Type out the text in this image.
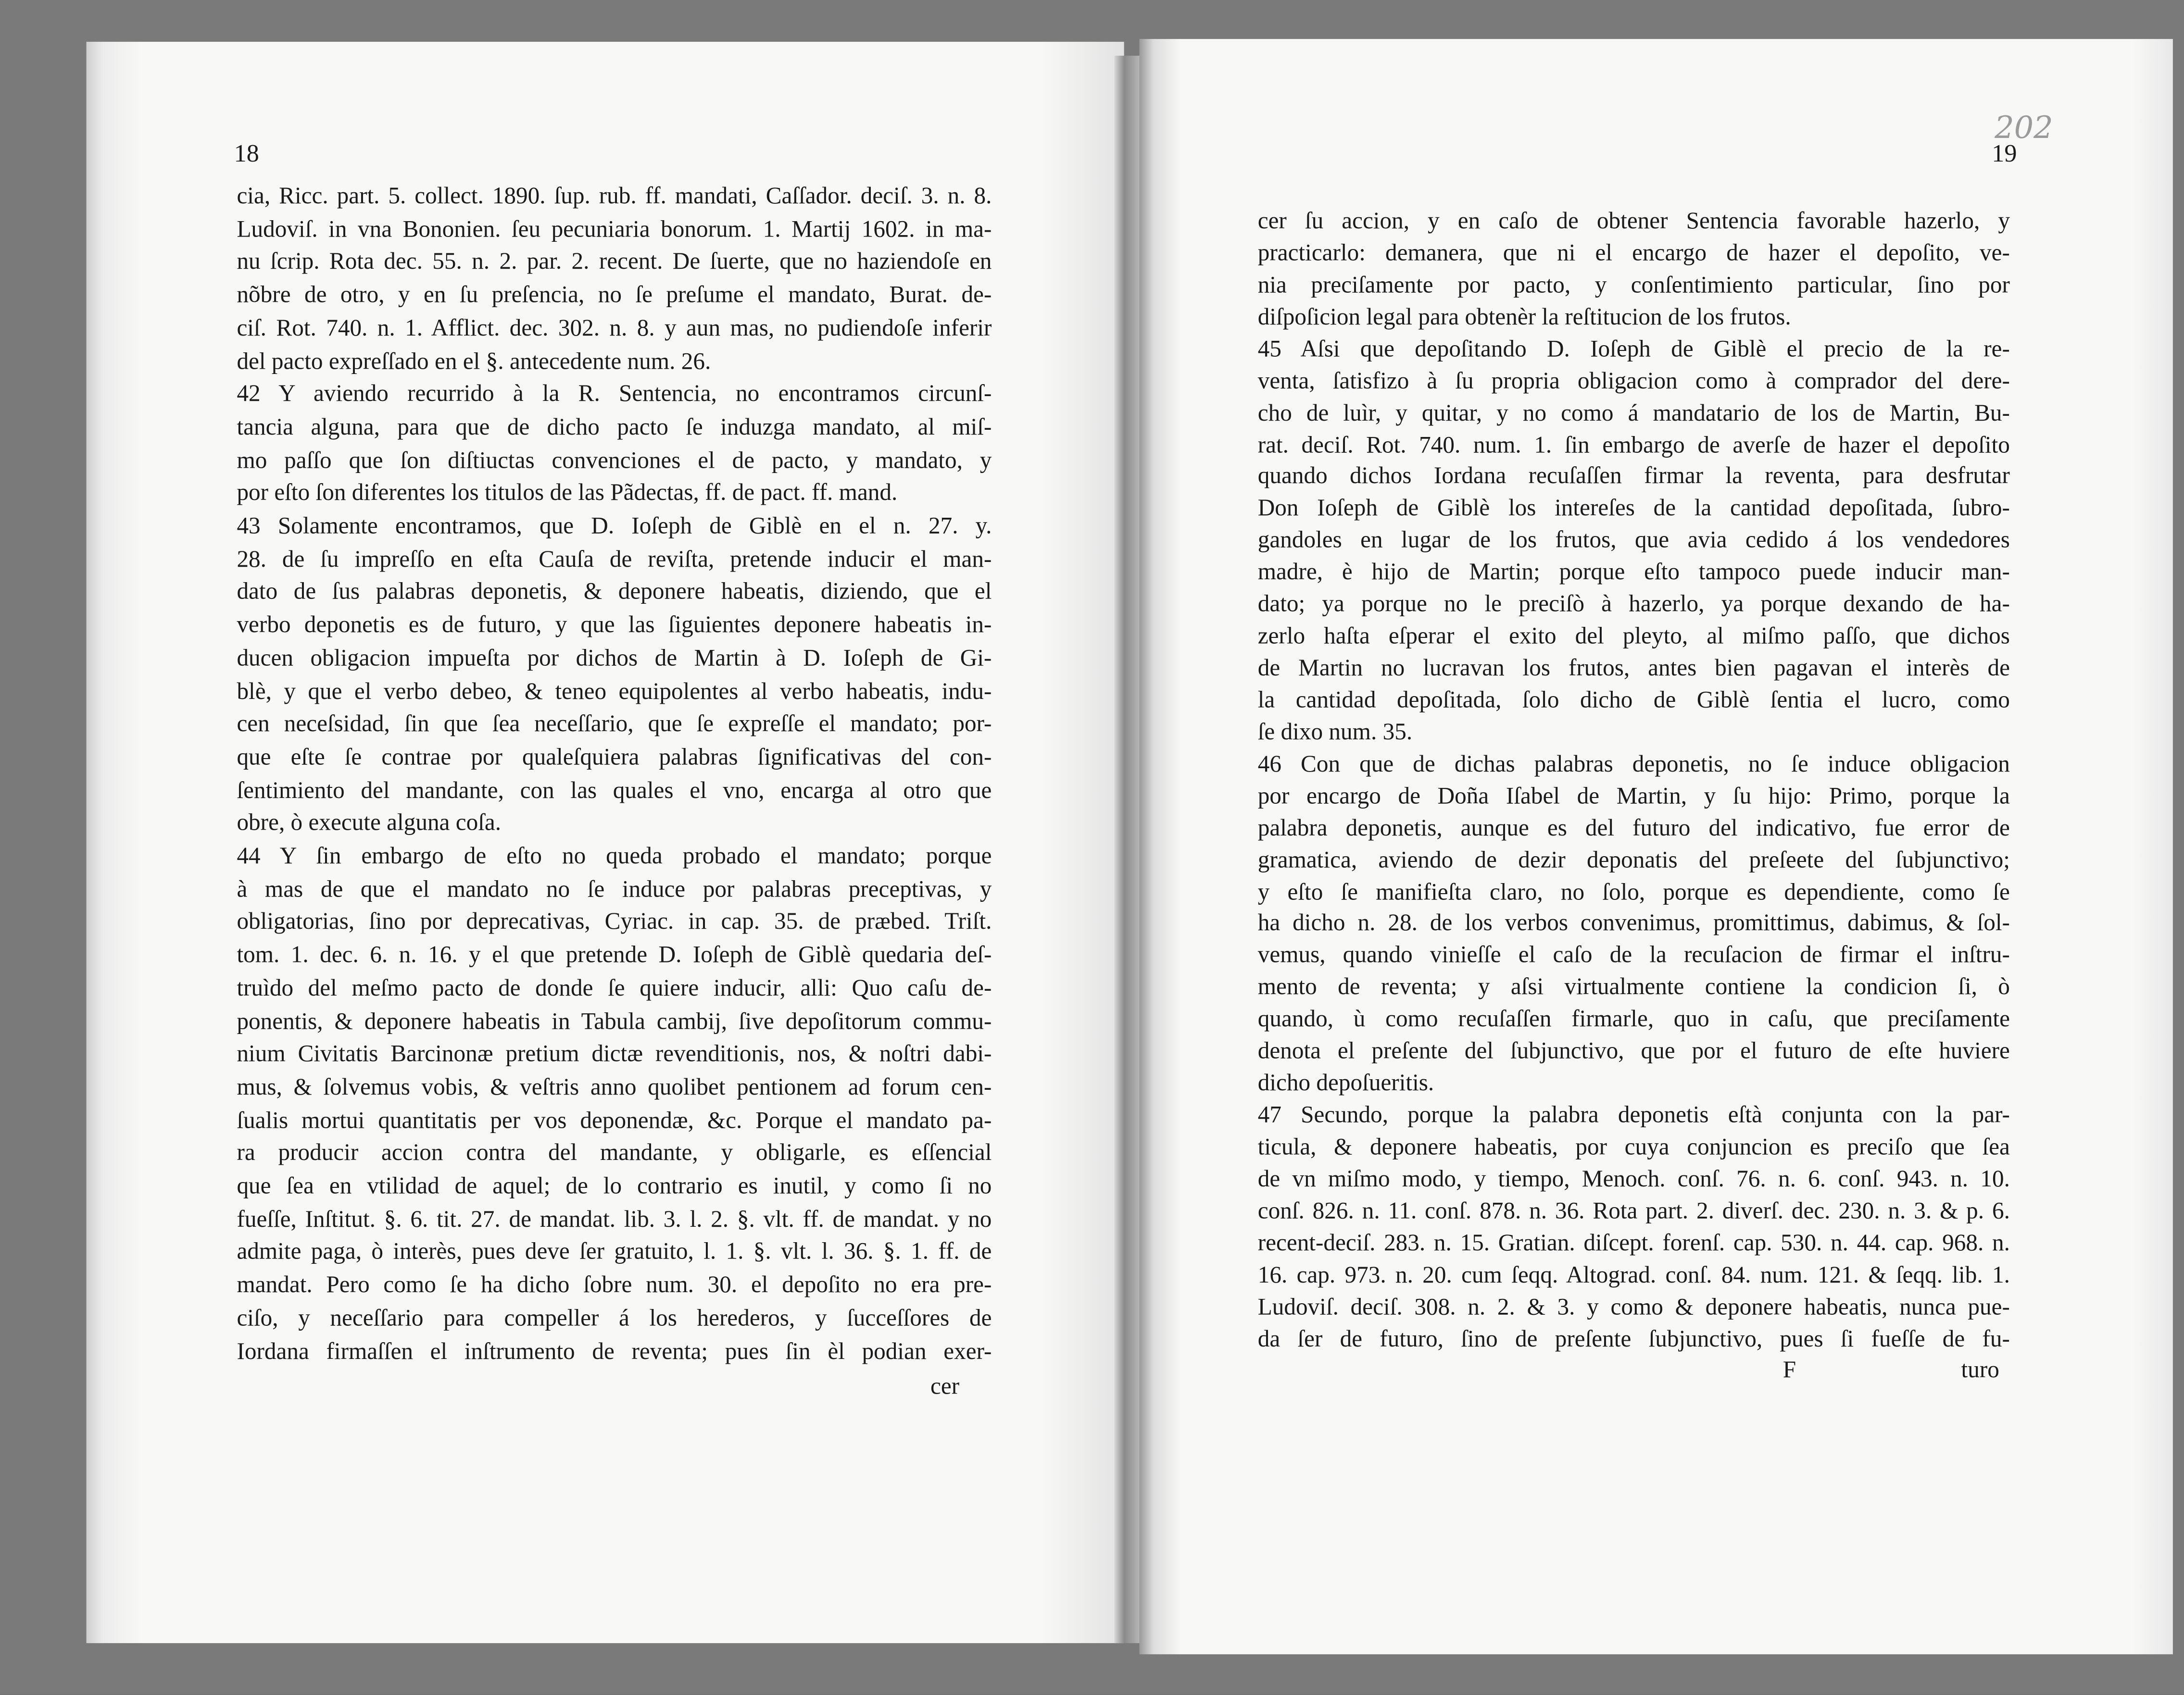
18	19
202
cer
F	turo
cia, Ricc. part. 5. collect. 1890. ſup. rub. ff. mandati, Caſſador. deciſ. 3. n. 8.
Ludoviſ. in vna Bononien. ſeu pecuniaria bonorum. 1. Martij 1602. in ma-
nu ſcrip. Rota dec. 55. n. 2. par. 2. recent. De ſuerte, que no haziendoſe en
nõbre de otro, y en ſu preſencia, no ſe preſume el mandato, Burat. de-
ciſ. Rot. 740. n. 1. Afflict. dec. 302. n. 8. y aun mas, no pudiendoſe inferir
del pacto expreſſado en el §. antecedente num. 26.
42 Y aviendo recurrido à la R. Sentencia, no encontramos circunſ-
tancia alguna, para que de dicho pacto ſe induzga mandato, al miſ-
mo paſſo que ſon diſtiuctas convenciones el de pacto, y mandato, y
por eſto ſon diferentes los titulos de las Pãdectas, ff. de pact. ff. mand.
43 Solamente encontramos, que D. Ioſeph de Giblè en el n. 27. y.
28. de ſu impreſſo en eſta Cauſa de reviſta, pretende inducir el man-
dato de ſus palabras deponetis, & deponere habeatis, diziendo, que el
verbo deponetis es de futuro, y que las ſiguientes deponere habeatis in-
ducen obligacion impueſta por dichos de Martin à D. Ioſeph de Gi-
blè, y que el verbo debeo, & teneo equipolentes al verbo habeatis, indu-
cen neceſsidad, ſin que ſea neceſſario, que ſe expreſſe el mandato; por-
que eſte ſe contrae por qualeſquiera palabras ſignificativas del con-
ſentimiento del mandante, con las quales el vno, encarga al otro que
obre, ò execute alguna coſa.
44 Y ſin embargo de eſto no queda probado el mandato; porque
à mas de que el mandato no ſe induce por palabras preceptivas, y
obligatorias, ſino por deprecativas, Cyriac. in cap. 35. de præbed. Triſt.
tom. 1. dec. 6. n. 16. y el que pretende D. Ioſeph de Giblè quedaria deſ-
truìdo del meſmo pacto de donde ſe quiere inducir, alli: Quo caſu de-
ponentis, & deponere habeatis in Tabula cambij, ſive depoſitorum commu-
nium Civitatis Barcinonæ pretium dictæ revenditionis, nos, & noſtri dabi-
mus, & ſolvemus vobis, & veſtris anno quolibet pentionem ad forum cen-
ſualis mortui quantitatis per vos deponendæ, &c. Porque el mandato pa-
ra producir accion contra del mandante, y obligarle, es eſſencial
que ſea en vtilidad de aquel; de lo contrario es inutil, y como ſi no
fueſſe, Inſtitut. §. 6. tit. 27. de mandat. lib. 3. l. 2. §. vlt. ff. de mandat. y no
admite paga, ò interès, pues deve ſer gratuito, l. 1. §. vlt. l. 36. §. 1. ff. de
mandat. Pero como ſe ha dicho ſobre num. 30. el depoſito no era pre-
ciſo, y neceſſario para compeller á los herederos, y ſucceſſores de
Iordana firmaſſen el inſtrumento de reventa; pues ſin èl podian exer-
cer ſu accion, y en caſo de obtener Sentencia favorable hazerlo, y
practicarlo: demanera, que ni el encargo de hazer el depoſito, ve-
nia preciſamente por pacto, y conſentimiento particular, ſino por
diſpoſicion legal para obtenèr la reſtitucion de los frutos.
45 Aſsi que depoſitando D. Ioſeph de Giblè el precio de la re-
venta, ſatisfizo à ſu propria obligacion como à comprador del dere-
cho de luìr, y quitar, y no como á mandatario de los de Martin, Bu-
rat. deciſ. Rot. 740. num. 1. ſin embargo de averſe de hazer el depoſito
quando dichos Iordana recuſaſſen firmar la reventa, para desfrutar
Don Ioſeph de Giblè los intereſes de la cantidad depoſitada, ſubro-
gandoles en lugar de los frutos, que avia cedido á los vendedores
madre, è hijo de Martin; porque eſto tampoco puede inducir man-
dato; ya porque no le preciſò à hazerlo, ya porque dexando de ha-
zerlo haſta eſperar el exito del pleyto, al miſmo paſſo, que dichos
de Martin no lucravan los frutos, antes bien pagavan el interès de
la cantidad depoſitada, ſolo dicho de Giblè ſentia el lucro, como
ſe dixo num. 35.
46 Con que de dichas palabras deponetis, no ſe induce obligacion
por encargo de Doña Iſabel de Martin, y ſu hijo: Primo, porque la
palabra deponetis, aunque es del futuro del indicativo, fue error de
gramatica, aviendo de dezir deponatis del preſeete del ſubjunctivo;
y eſto ſe manifieſta claro, no ſolo, porque es dependiente, como ſe
ha dicho n. 28. de los verbos convenimus, promittimus, dabimus, & ſol-
vemus, quando vinieſſe el caſo de la recuſacion de firmar el inſtru-
mento de reventa; y aſsi virtualmente contiene la condicion ſi, ò
quando, ù como recuſaſſen firmarle, quo in caſu, que preciſamente
denota el preſente del ſubjunctivo, que por el futuro de eſte huviere
dicho depoſueritis.
47 Secundo, porque la palabra deponetis eſtà conjunta con la par-
ticula, & deponere habeatis, por cuya conjuncion es preciſo que ſea
de vn miſmo modo, y tiempo, Menoch. conſ. 76. n. 6. conſ. 943. n. 10.
conſ. 826. n. 11. conſ. 878. n. 36. Rota part. 2. diverſ. dec. 230. n. 3. & p. 6.
recent-deciſ. 283. n. 15. Gratian. diſcept. forenſ. cap. 530. n. 44. cap. 968. n.
16. cap. 973. n. 20. cum ſeqq. Altograd. conſ. 84. num. 121. & ſeqq. lib. 1.
Ludoviſ. deciſ. 308. n. 2. & 3. y como & deponere habeatis, nunca pue-
da ſer de futuro, ſino de preſente ſubjunctivo, pues ſi fueſſe de fu-
